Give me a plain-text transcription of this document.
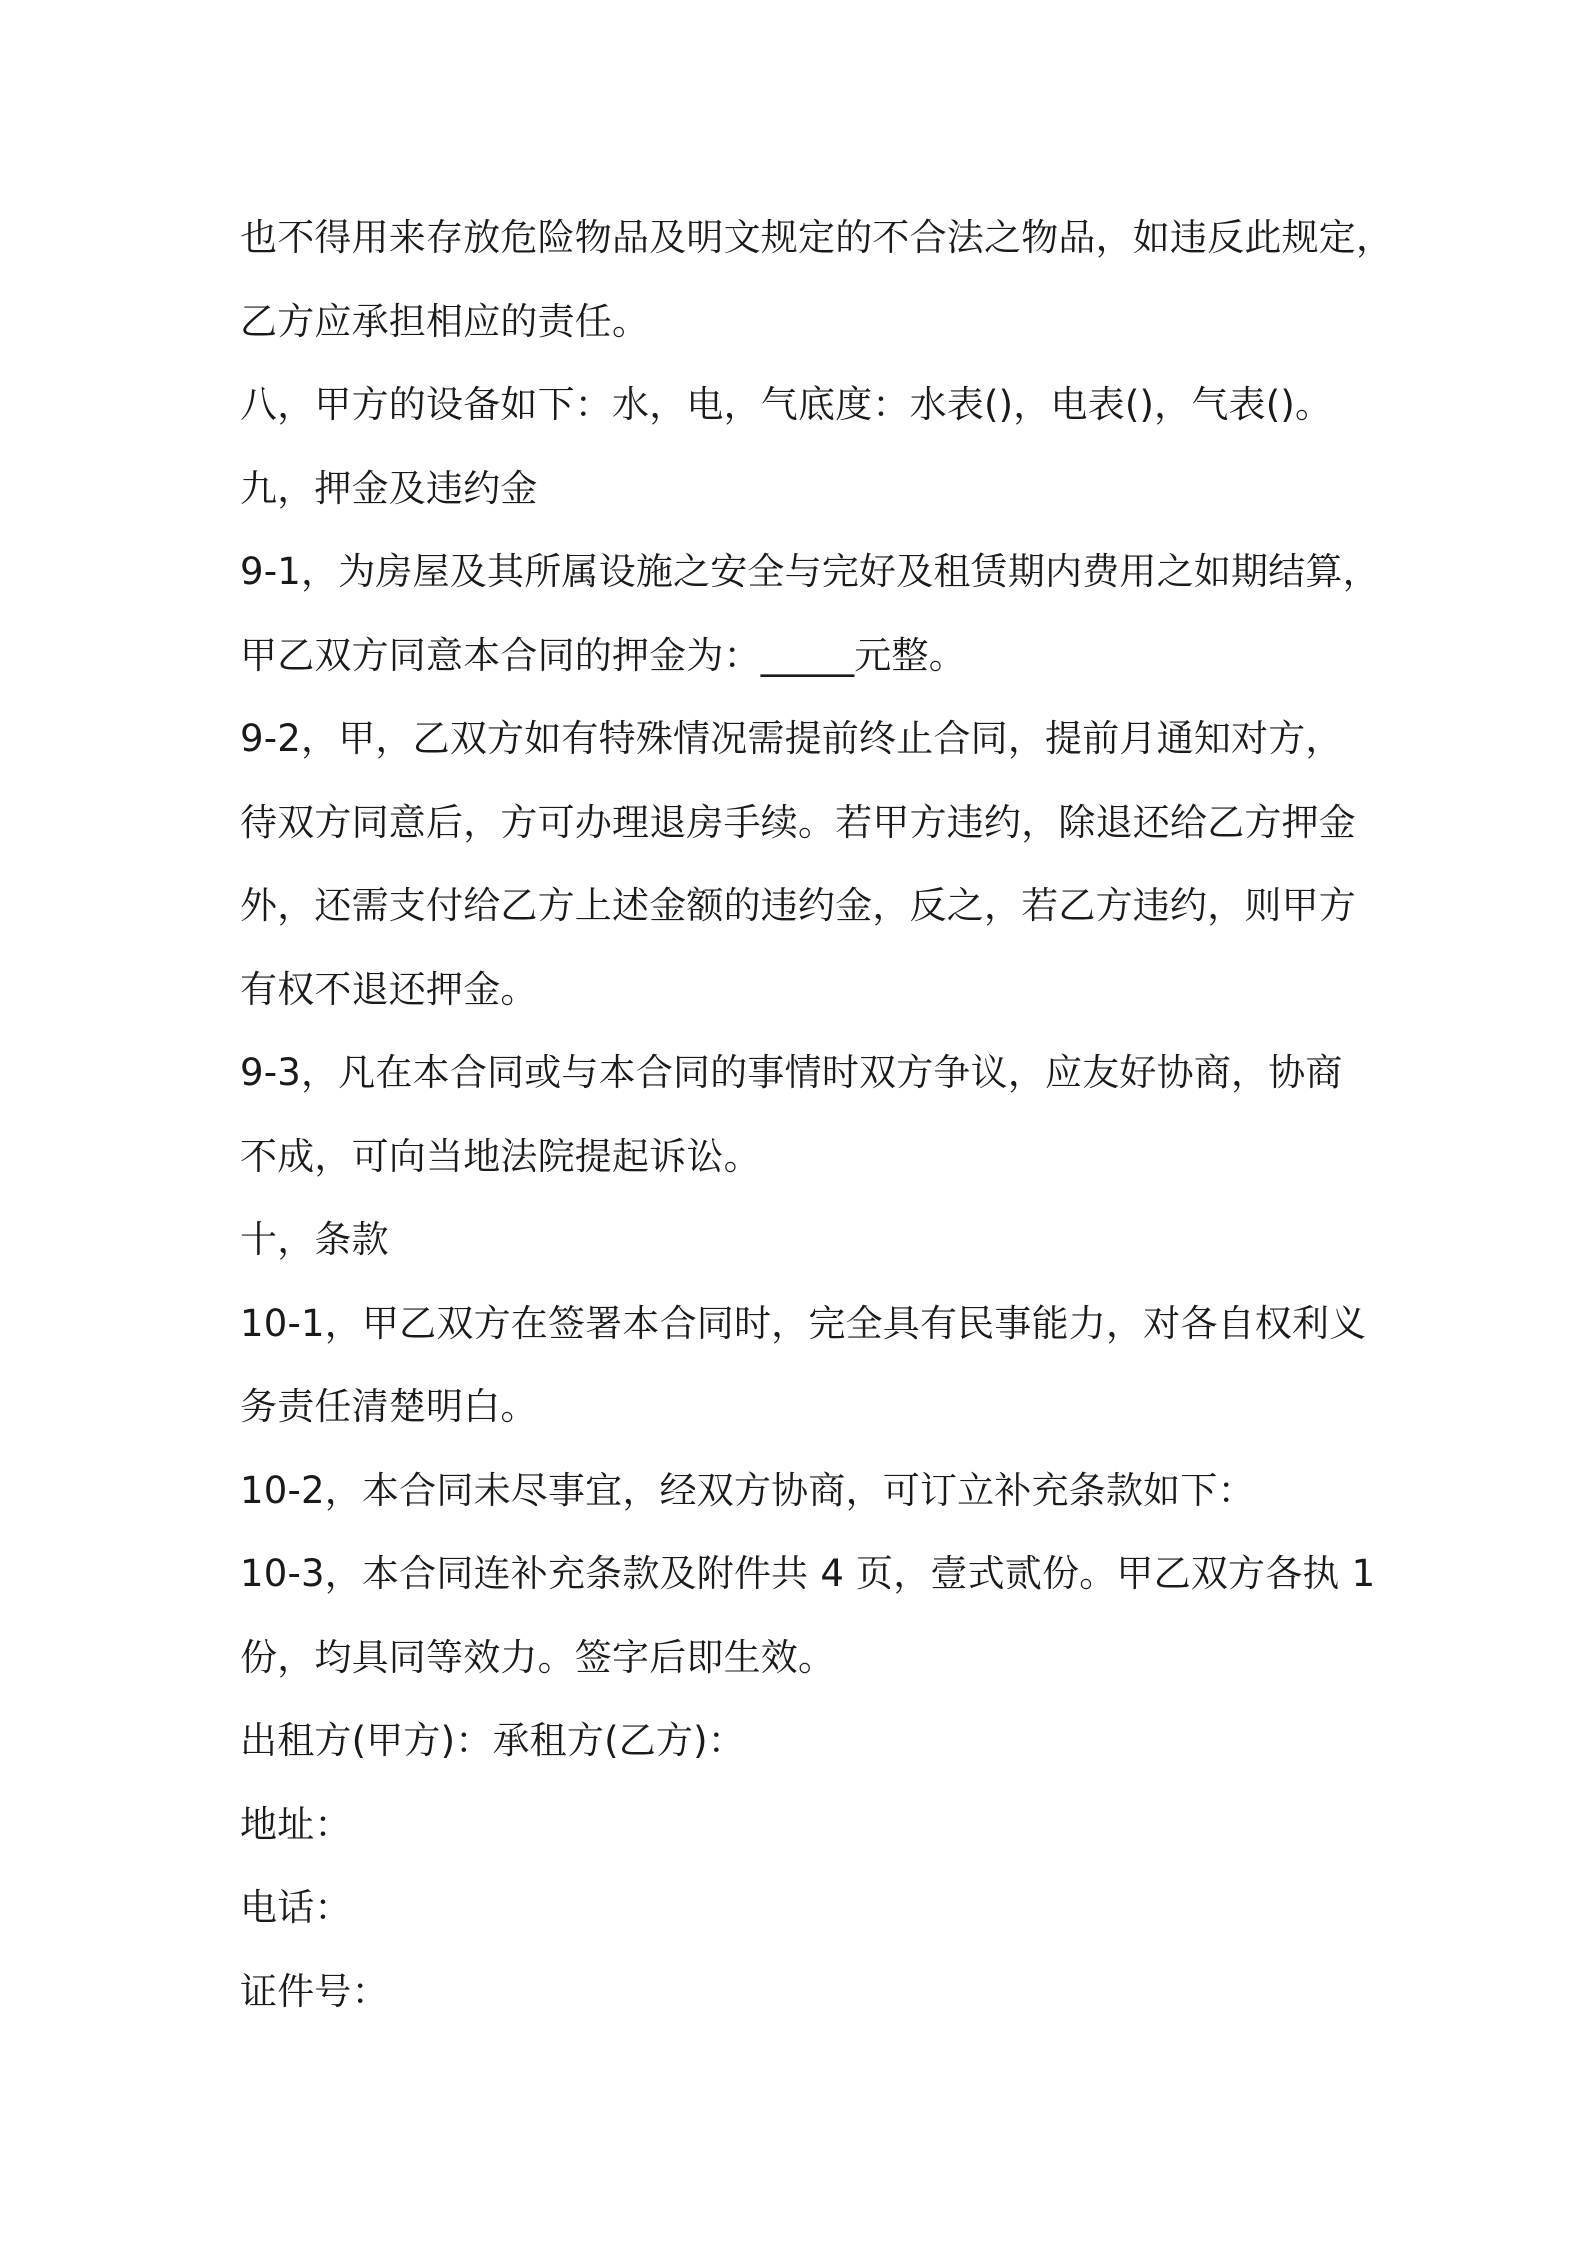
也不得用来存放危险物品及明文规定的不合法之物品，如违反此规定，
乙方应承担相应的责任。
八，甲方的设备如下：水，电，气底度：水表()，电表()，气表()。
九，押金及违约金
9-1，为房屋及其所属设施之安全与完好及租赁期内费用之如期结算，
甲乙双方同意本合同的押金为：_____元整。
9-2，甲，乙双方如有特殊情况需提前终止合同，提前月通知对方，
待双方同意后，方可办理退房手续。若甲方违约，除退还给乙方押金
外，还需支付给乙方上述金额的违约金，反之，若乙方违约，则甲方
有权不退还押金。
9-3，凡在本合同或与本合同的事情时双方争议，应友好协商，协商
不成，可向当地法院提起诉讼。
十，条款
10-1，甲乙双方在签署本合同时，完全具有民事能力，对各自权利义
务责任清楚明白。
10-2，本合同未尽事宜，经双方协商，可订立补充条款如下：
10-3，本合同连补充条款及附件共 4 页，壹式贰份。甲乙双方各执 1
份，均具同等效力。签字后即生效。
出租方(甲方)：承租方(乙方)：
地址：
电话：
证件号：
